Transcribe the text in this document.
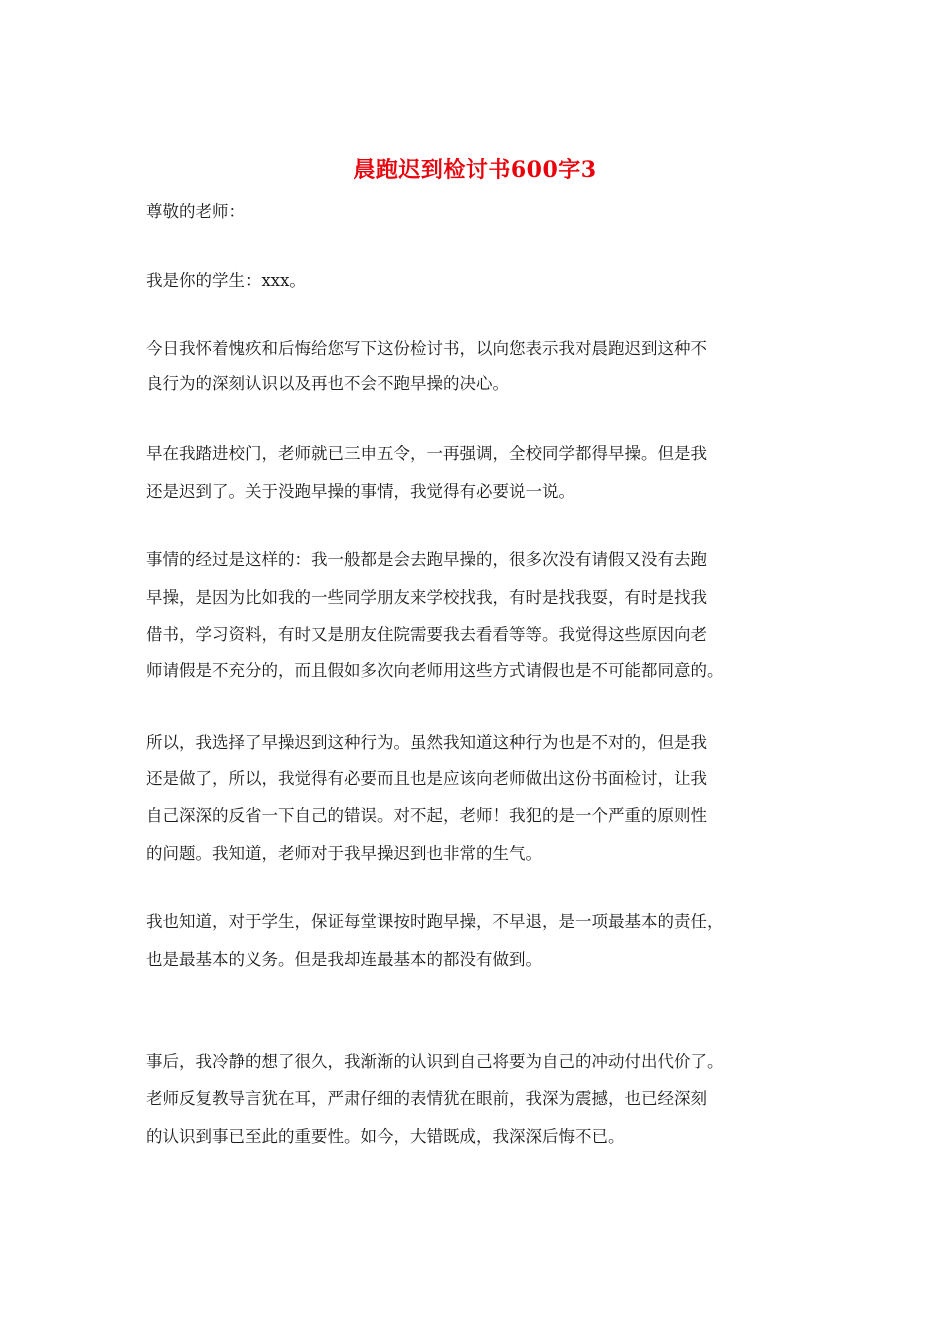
晨跑迟到检讨书600字3
尊敬的老师：
我是你的学生：xxx。
今日我怀着愧疚和后悔给您写下这份检讨书，以向您表示我对晨跑迟到这种不
良行为的深刻认识以及再也不会不跑早操的决心。
早在我踏进校门，老师就已三申五令，一再强调，全校同学都得早操。但是我
还是迟到了。关于没跑早操的事情，我觉得有必要说一说。
事情的经过是这样的：我一般都是会去跑早操的，很多次没有请假又没有去跑
早操，是因为比如我的一些同学朋友来学校找我，有时是找我耍，有时是找我
借书，学习资料，有时又是朋友住院需要我去看看等等。我觉得这些原因向老
师请假是不充分的，而且假如多次向老师用这些方式请假也是不可能都同意的。
所以，我选择了早操迟到这种行为。虽然我知道这种行为也是不对的，但是我
还是做了，所以，我觉得有必要而且也是应该向老师做出这份书面检讨，让我
自己深深的反省一下自己的错误。对不起，老师！我犯的是一个严重的原则性
的问题。我知道，老师对于我早操迟到也非常的生气。
我也知道，对于学生，保证每堂课按时跑早操，不早退，是一项最基本的责任，
也是最基本的义务。但是我却连最基本的都没有做到。
事后，我冷静的想了很久，我渐渐的认识到自己将要为自己的冲动付出代价了。
老师反复教导言犹在耳，严肃仔细的表情犹在眼前，我深为震撼，也已经深刻
的认识到事已至此的重要性。如今，大错既成，我深深后悔不已。
